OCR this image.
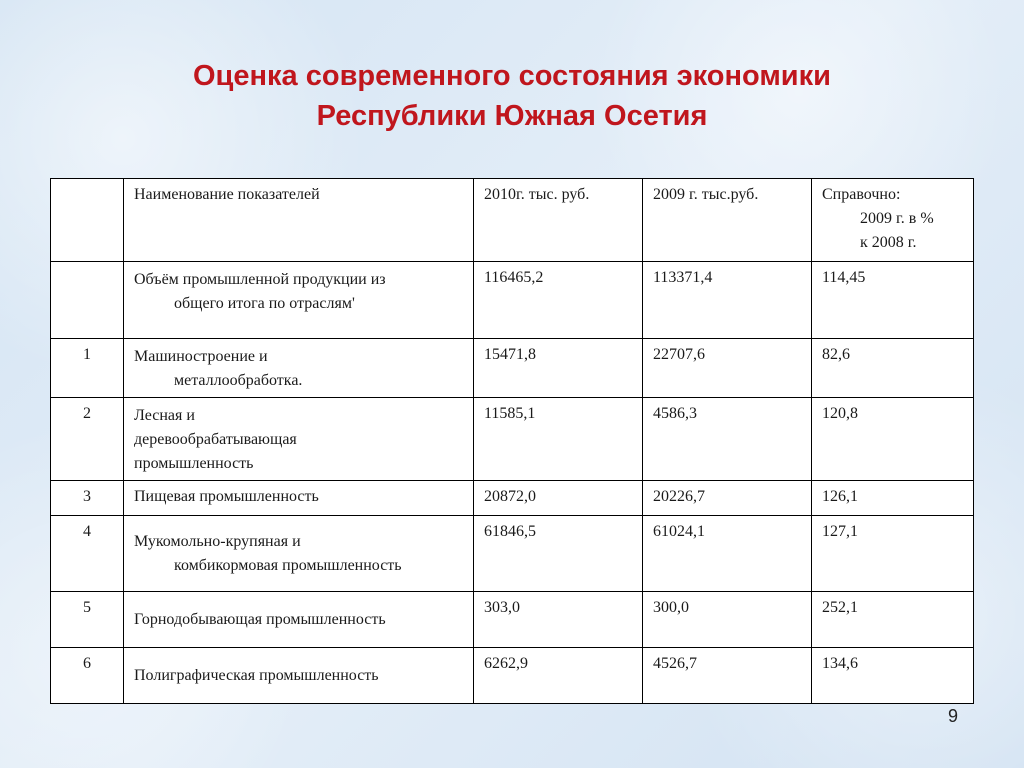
Оценка современного состояния экономики
Республики Южная Осетия
	Наименование показателей	2010г. тыс. руб.	2009 г. тыс.руб.	Справочно:
2009 г. в %
к 2008 г.

	Объём промышленной продукции из
общего итога по отраслям'	116465,2	113371,4	114,45
1	Машиностроение и
металлообработка.	15471,8	22707,6	82,6
2	Лесная и
деревообрабатывающая
промышленность	11585,1	4586,3	120,8
3	Пищевая промышленность	20872,0	20226,7	126,1
4	Мукомольно-крупяная и
комбикормовая промышленность	61846,5	61024,1	127,1
5	Горнодобывающая промышленность	303,0	300,0	252,1
6	Полиграфическая промышленность	6262,9	4526,7	134,6
9
